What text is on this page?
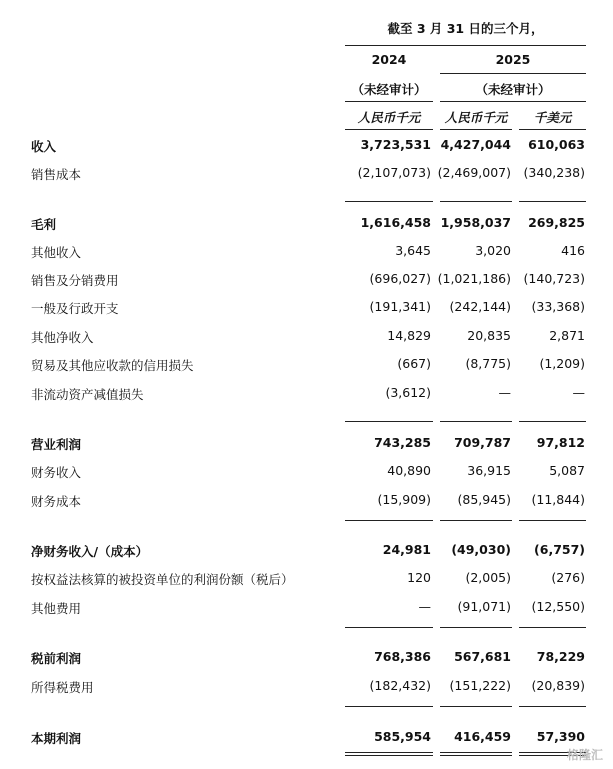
截至 3 月 31 日的三个月，
2024	2025
（未经审计）	（未经审计）
人民币千元	人民币千元	千美元
收入	3,723,531 4,427,044 610,063
销售成本	(2,107,073) (2,469,007) (340,238)
毛利	1,616,458 1,958,037 269,825
其他收入	3,645	3,020	416
销售及分销费用	(696,027) (1,021,186) (140,723)
一般及行政开支	(191,341) (242,144) (33,368)
其他净收入	14,829	20,835	2,871
贸易及其他应收款的信用损失	(667)	(8,775) (1,209)
非流动资产减值损失	(3,612)	—	—
营业利润	743,285 709,787 97,812
财务收入	40,890	36,915	5,087
财务成本	(15,909) (85,945) (11,844)
净财务收入/（成本）	24,981 (49,030) (6,757)
按权益法核算的被投资单位的利润份额（税后）	120	(2,005)	(276)
其他费用	— (91,071) (12,550)
税前利润	768,386 567,681 78,229
所得税费用	(182,432) (151,222) (20,839)
本期利润	585,954 416,459 57,390
格隆汇
